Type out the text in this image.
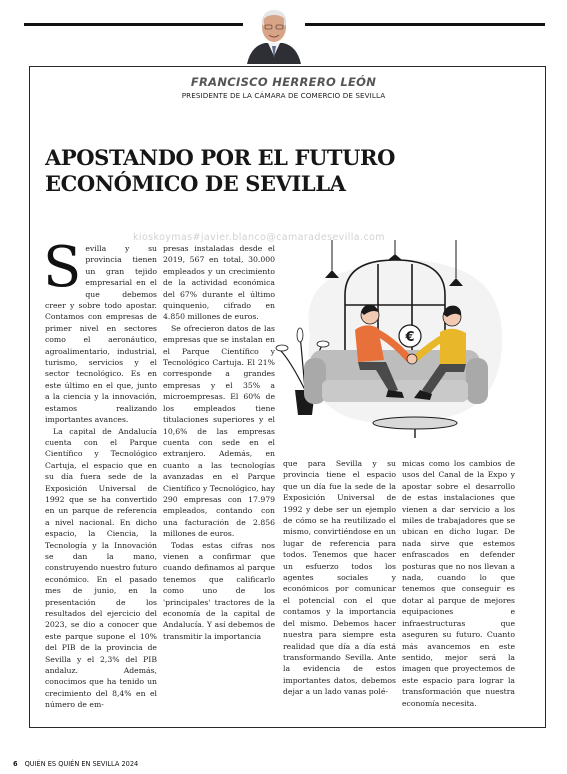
FRANCISCO HERRERO LEÓN
PRESIDENTE DE LA CÁMARA DE COMERCIO DE SEVILLA
APOSTANDO POR EL FUTURO ECONÓMICO DE SEVILLA
kioskoymas#javier.blanco@camaradesevilla.com

Sevilla y su provincia tienen un gran tejido empresarial en el que debemos creer y sobre todo apostar. Contamos con empresas de primer nivel en sectores como el aeronáutico, agroalimentario, industrial, turismo, servicios y el sector tecnológico. Es en este último en el que, junto a la ciencia y la innovación, estamos realizando importantes avances.

La capital de Andalucía cuenta con el Parque Científico y Tecnológico Cartuja, el espacio que en su día fuera sede de la Exposición Universal de 1992 que se ha convertido en un parque de referencia a nivel nacional. En dicho espacio, la Ciencia, la Tecnología y la Innovación se dan la mano, construyendo nuestro futuro económico. En el pasado mes de junio, en la presentación de los resultados del ejercicio del 2023, se dio a conocer que este parque supone el 10% del PIB de la provincia de Sevilla y el 2,3% del PIB andaluz. Además, conocimos que ha tenido un crecimiento del 8,4% en el número de em-

presas instaladas desde el 2019, 567 en total, 30.000 empleados y un crecimiento de la actividad económica del 67% durante el último quinquenio, cifrado en 4.850 millones de euros.

Se ofrecieron datos de las empresas que se instalan en el Parque Científico y Tecnológico Cartuja. El 21% corresponde a grandes empresas y el 35% a microempresas. El 60% de los empleados tiene titulaciones superiores y el 10,6% de las empresas cuenta con sede en el extranjero. Además, en cuanto a las tecnologías avanzadas en el Parque Científico y Tecnológico, hay 290 empresas con 17.979 empleados, contando con una facturación de 2.856 millones de euros.

Todas estas cifras nos vienen a confirmar que cuando definamos al parque tenemos que calificarlo como uno de los 'principales' tractores de la economía de la capital de Andalucía. Y así debemos de transmitir la importancia

€

que para Sevilla y su provincia tiene el espacio que un día fue la sede de la Exposición Universal de 1992 y debe ser un ejemplo de cómo se ha reutilizado el mismo, convirtiéndose en un lugar de referencia para todos. Tenemos que hacer un esfuerzo todos los agentes sociales y económicos por comunicar el potencial con el que contamos y la importancia del mismo. Debemos hacer nuestra para siempre esta realidad que día a día está transformando Sevilla. Ante la evidencia de estos importantes datos, debemos dejar a un lado vanas polé-

micas como los cambios de usos del Canal de la Expo y apostar sobre el desarrollo de estas instalaciones que vienen a dar servicio a los miles de trabajadores que se ubican en dicho lugar. De nada sirve que estemos enfrascados en defender posturas que no nos llevan a nada, cuando lo que tenemos que conseguir es dotar al parque de mejores equipaciones e infraestructuras que aseguren su futuro. Cuanto más avancemos en este sentido, mejor será la imagen que proyectemos de este espacio para lograr la transformación que nuestra economía necesita.

6 QUIÉN ES QUIÉN EN SEVILLA 2024
